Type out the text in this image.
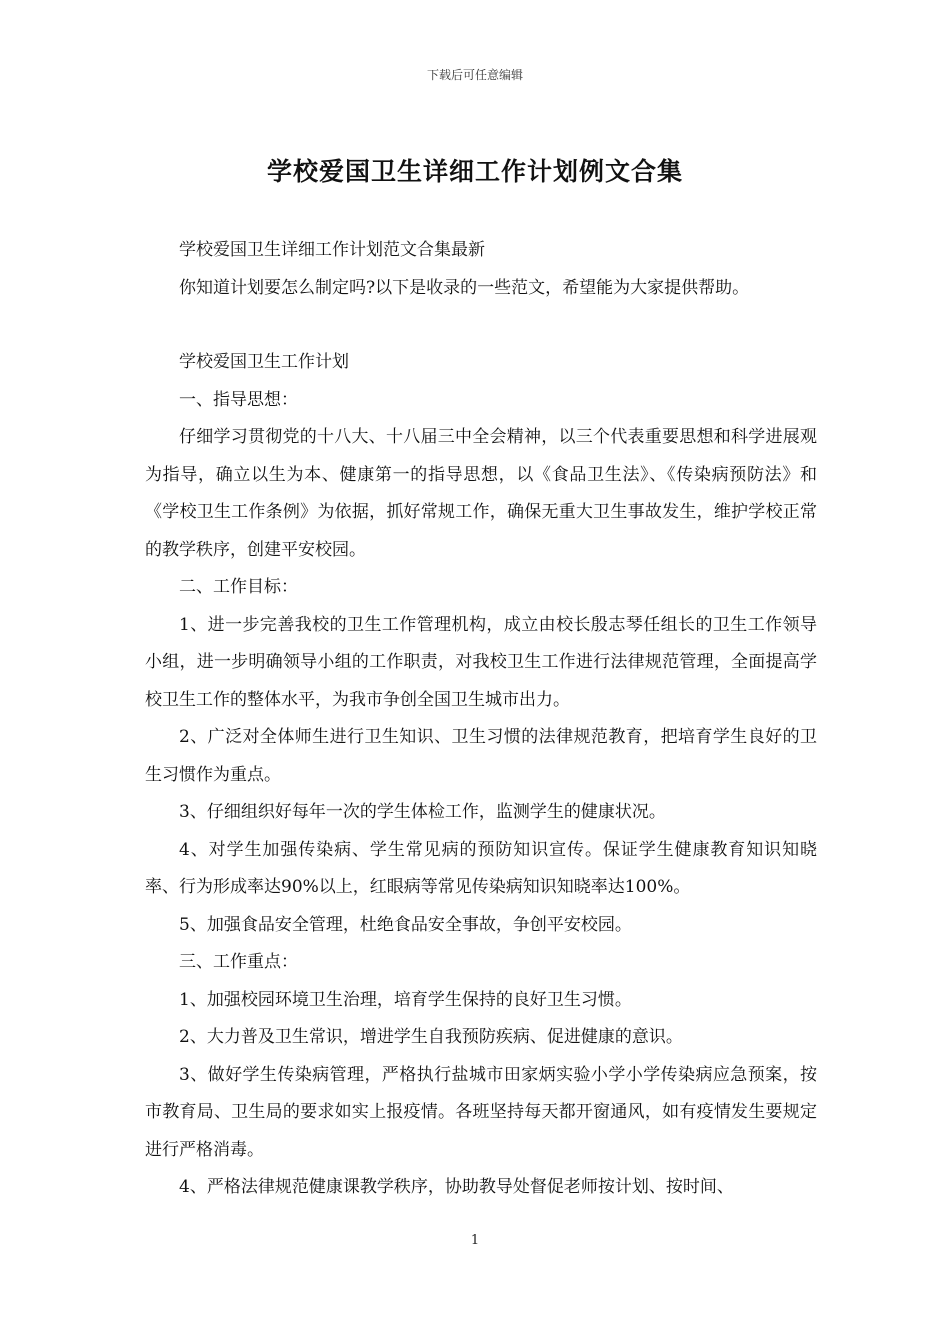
下载后可任意编辑
学校爱国卫生详细工作计划例文合集

学校爱国卫生详细工作计划范文合集最新

你知道计划要怎么制定吗?以下是收录的一些范文，希望能为大家提供帮助。

学校爱国卫生工作计划

一、指导思想：

仔细学习贯彻党的十八大、十八届三中全会精神，以三个代表重要思想和科学进展观为指导，确立以生为本、健康第一的指导思想，以《食品卫生法》、《传染病预防法》和《学校卫生工作条例》为依据，抓好常规工作，确保无重大卫生事故发生，维护学校正常的教学秩序，创建平安校园。

二、工作目标：

1、进一步完善我校的卫生工作管理机构，成立由校长殷志琴任组长的卫生工作领导小组，进一步明确领导小组的工作职责，对我校卫生工作进行法律规范管理，全面提高学校卫生工作的整体水平，为我市争创全国卫生城市出力。

2、广泛对全体师生进行卫生知识、卫生习惯的法律规范教育，把培育学生良好的卫生习惯作为重点。

3、仔细组织好每年一次的学生体检工作，监测学生的健康状况。

4、对学生加强传染病、学生常见病的预防知识宣传。保证学生健康教育知识知晓率、行为形成率达90%以上，红眼病等常见传染病知识知晓率达100%。

5、加强食品安全管理，杜绝食品安全事故，争创平安校园。

三、工作重点：

1、加强校园环境卫生治理，培育学生保持的良好卫生习惯。

2、大力普及卫生常识，增进学生自我预防疾病、促进健康的意识。

3、做好学生传染病管理，严格执行盐城市田家炳实验小学小学传染病应急预案，按市教育局、卫生局的要求如实上报疫情。各班坚持每天都开窗通风，如有疫情发生要规定进行严格消毒。

4、严格法律规范健康课教学秩序，协助教导处督促老师按计划、按时间、

1
